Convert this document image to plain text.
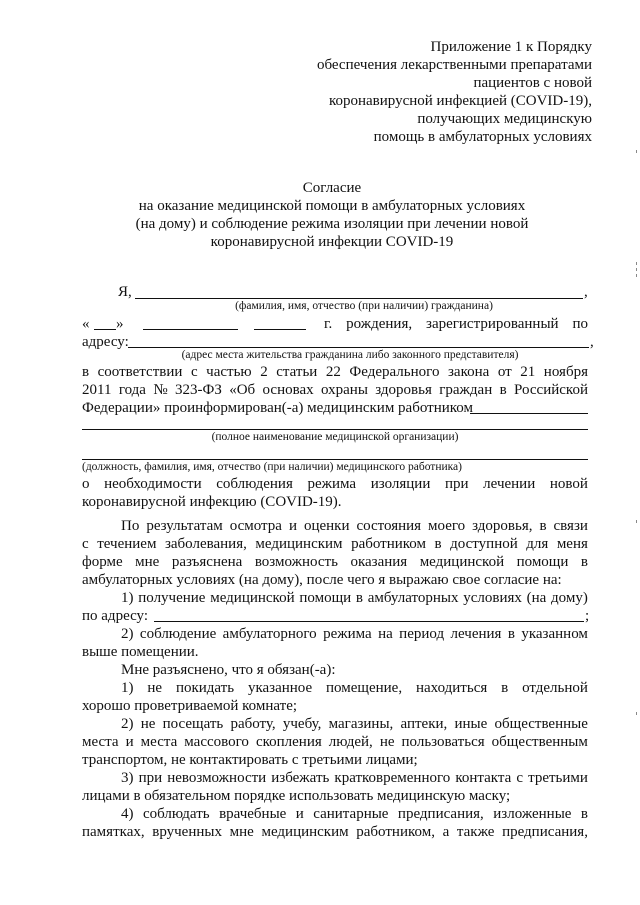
Приложение 1 к Порядку
обеспечения лекарственными препаратами
пациентов с новой
коронавирусной инфекцией (COVID-19),
получающих медицинскую
помощь в амбулаторных условиях
Согласие
на оказание медицинской помощи в амбулаторных условиях
(на дому) и соблюдение режима изоляции при лечении новой
коронавирусной инфекции COVID-19
Я,	,
(фамилия, имя, отчество (при наличии) гражданина)
« »	г. рождения, зарегистрированный по
адресу:	,
(адрес места жительства гражданина либо законного представителя)
в соответствии с частью 2 статьи 22 Федерального закона от 21 ноября
2011 года № 323-ФЗ «Об основах охраны здоровья граждан в Российской
Федерации» проинформирован(-а) медицинским работником
(полное наименование медицинской организации)
(должность, фамилия, имя, отчество (при наличии) медицинского работника)
о необходимости соблюдения режима изоляции при лечении новой
коронавирусной инфекцию (COVID-19).
По результатам осмотра и оценки состояния моего здоровья, в связи
с течением заболевания, медицинским работником в доступной для меня
форме мне разъяснена возможность оказания медицинской помощи в
амбулаторных условиях (на дому), после чего я выражаю свое согласие на:
1) получение медицинской помощи в амбулаторных условиях (на дому)
по адресу:	;
2) соблюдение амбулаторного режима на период лечения в указанном
выше помещении.
Мне разъяснено, что я обязан(-а):
1) не покидать указанное помещение, находиться в отдельной
хорошо проветриваемой комнате;
2) не посещать работу, учебу, магазины, аптеки, иные общественные
места и места массового скопления людей, не пользоваться общественным
транспортом, не контактировать с третьими лицами;
3) при невозможности избежать кратковременного контакта с третьими
лицами в обязательном порядке использовать медицинскую маску;
4) соблюдать врачебные и санитарные предписания, изложенные в
памятках, врученных мне медицинским работником, а также предписания,
